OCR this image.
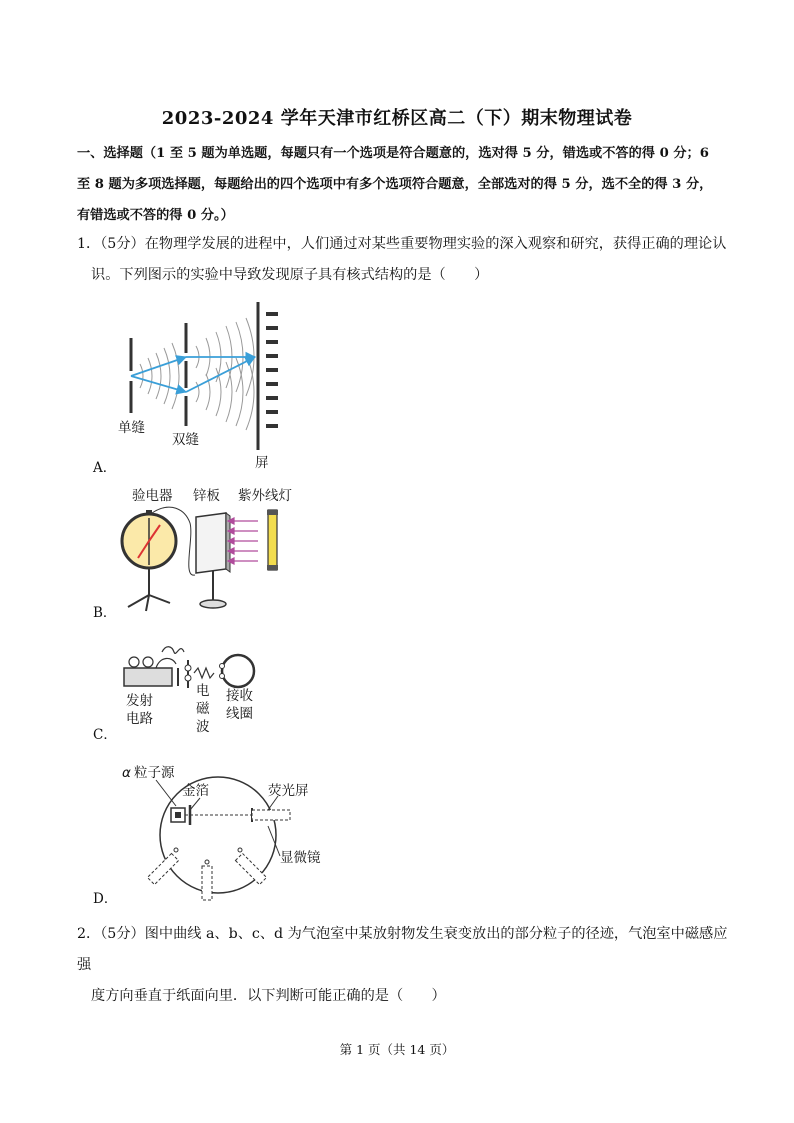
2023-2024 学年天津市红桥区高二（下）期末物理试卷
一、选择题（1 至 5 题为单选题，每题只有一个选项是符合题意的，选对得 5 分，错选或不答的得 0 分；6
至 8 题为多项选择题，每题给出的四个选项中有多个选项符合题意，全部选对的得 5 分，选不全的得 3 分，
有错选或不答的得 0 分。）
1．（5分）在物理学发展的进程中，人们通过对某些重要物理实验的深入观察和研究，获得正确的理论认
识。下列图示的实验中导致发现原子具有核式结构的是（　　）
A．
单缝
双缝
屏
B．
验电器 锌板 紫外线灯
C．
发射
电路
电
磁
波
接收
线圈
D．
α 粒子源
金箔	荧光屏
显微镜
2．（5分）图中曲线 a、b、c、d 为气泡室中某放射物发生衰变放出的部分粒子的径迹，气泡室中磁感应强
度方向垂直于纸面向里．以下判断可能正确的是（　　）
第 1 页（共 14 页）
